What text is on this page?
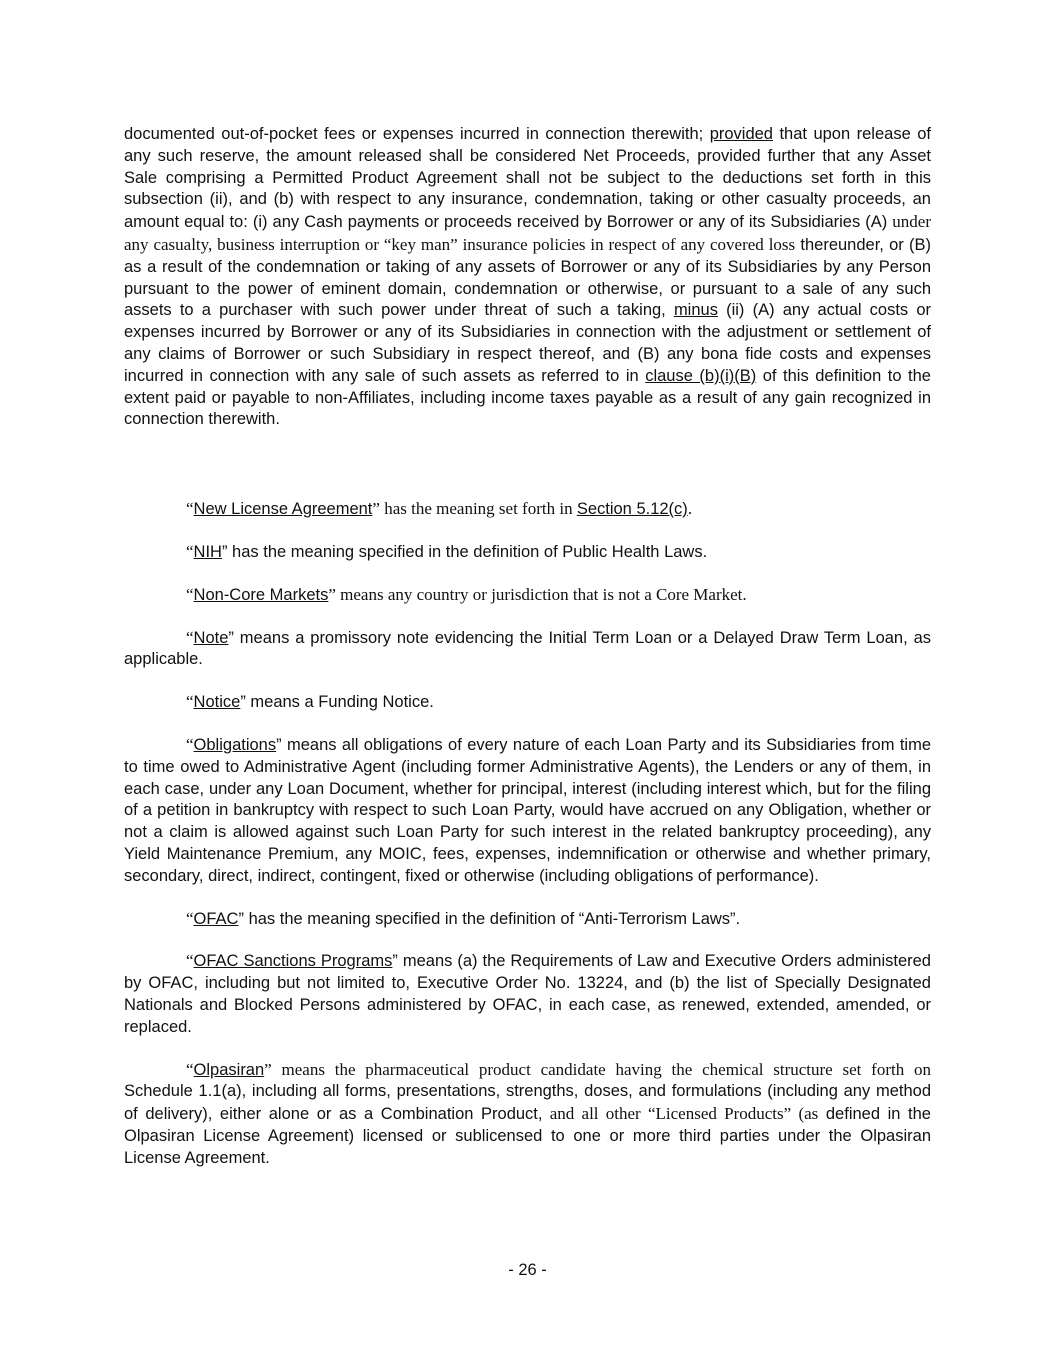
documented out-of-pocket fees or expenses incurred in connection therewith; provided that upon release of any such reserve, the amount released shall be considered Net Proceeds, provided further that any Asset Sale comprising a Permitted Product Agreement shall not be subject to the deductions set forth in this subsection (ii), and (b) with respect to any insurance, condemnation, taking or other casualty proceeds, an amount equal to: (i) any Cash payments or proceeds received by Borrower or any of its Subsidiaries (A) under any casualty, business interruption or “key man” insurance policies in respect of any covered loss thereunder, or (B) as a result of the condemnation or taking of any assets of Borrower or any of its Subsidiaries by any Person pursuant to the power of eminent domain, condemnation or otherwise, or pursuant to a sale of any such assets to a purchaser with such power under threat of such a taking, minus (ii) (A) any actual costs or expenses incurred by Borrower or any of its Subsidiaries in connection with the adjustment or settlement of any claims of Borrower or such Subsidiary in respect thereof, and (B) any bona fide costs and expenses incurred in connection with any sale of such assets as referred to in clause (b)(i)(B) of this definition to the extent paid or payable to non-Affiliates, including income taxes payable as a result of any gain recognized in connection therewith.

“New License Agreement” has the meaning set forth in Section 5.12(c).

“NIH” has the meaning specified in the definition of Public Health Laws.

“Non-Core Markets” means any country or jurisdiction that is not a Core Market.

“Note” means a promissory note evidencing the Initial Term Loan or a Delayed Draw Term Loan, as applicable.

“Notice” means a Funding Notice.

“Obligations” means all obligations of every nature of each Loan Party and its Subsidiaries from time to time owed to Administrative Agent (including former Administrative Agents), the Lenders or any of them, in each case, under any Loan Document, whether for principal, interest (including interest which, but for the filing of a petition in bankruptcy with respect to such Loan Party, would have accrued on any Obligation, whether or not a claim is allowed against such Loan Party for such interest in the related bankruptcy proceeding), any Yield Maintenance Premium, any MOIC, fees, expenses, indemnification or otherwise and whether primary, secondary, direct, indirect, contingent, fixed or otherwise (including obligations of performance).

“OFAC” has the meaning specified in the definition of “Anti-Terrorism Laws”.

“OFAC Sanctions Programs” means (a) the Requirements of Law and Executive Orders administered by OFAC, including but not limited to, Executive Order No. 13224, and (b) the list of Specially Designated Nationals and Blocked Persons administered by OFAC, in each case, as renewed, extended, amended, or replaced.

“Olpasiran” means the pharmaceutical product candidate having the chemical structure set forth on Schedule 1.1(a), including all forms, presentations, strengths, doses, and formulations (including any method of delivery), either alone or as a Combination Product, and all other “Licensed Products” (as defined in the Olpasiran License Agreement) licensed or sublicensed to one or more third parties under the Olpasiran License Agreement.

- 26 -
